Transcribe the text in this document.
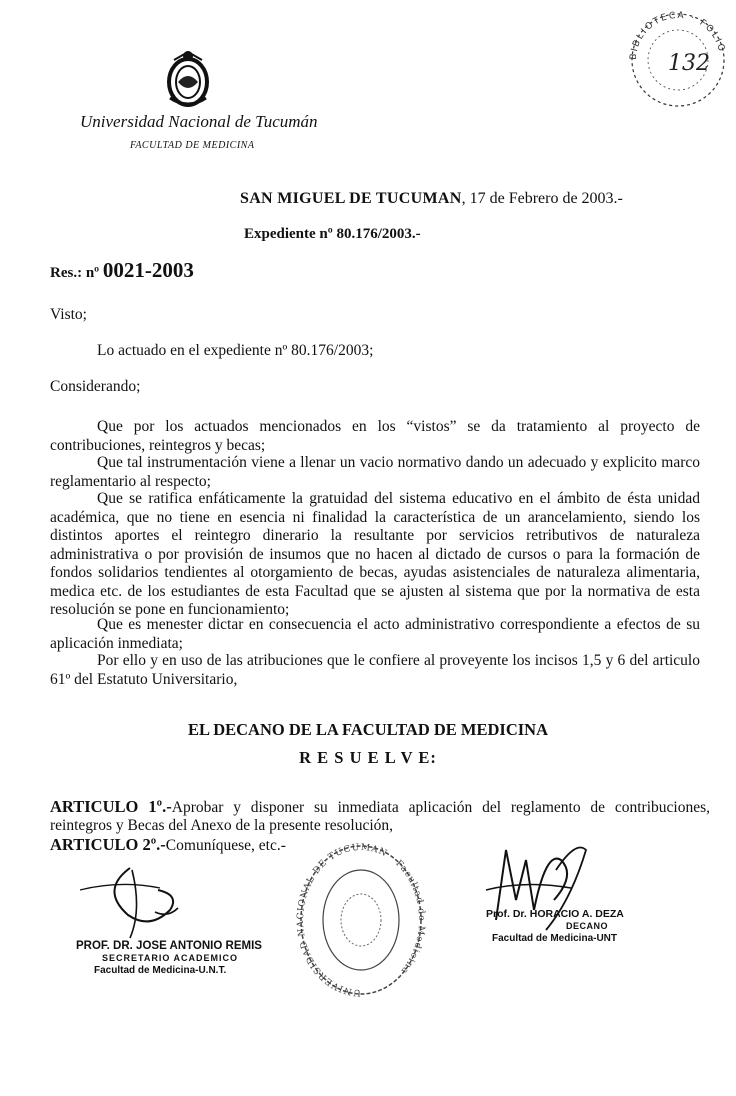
Universidad Nacional de Tucumán
FACULTAD DE MEDICINA
BIBLIOTECA · FOLIO
132
SAN MIGUEL DE TUCUMAN, 17 de Febrero de 2003.-
Expediente nº 80.176/2003.-
Res.: nº 0021-2003
Visto;
Lo actuado en el expediente nº 80.176/2003;
Considerando;
Que por los actuados mencionados en los “vistos” se da tratamiento al proyecto de contribuciones, reintegros y becas;
Que tal instrumentación viene a llenar un vacio normativo dando un adecuado y explicito marco reglamentario al respecto;
Que se ratifica enfáticamente la gratuidad del sistema educativo en el ámbito de ésta unidad académica, que no tiene en esencia ni finalidad la característica de un arancelamiento, siendo los distintos aportes el reintegro dinerario la resultante por servicios retributivos de naturaleza administrativa o por provisión de insumos que no hacen al dictado de cursos o para la formación de fondos solidarios tendientes al otorgamiento de becas, ayudas asistenciales de naturaleza alimentaria, medica etc. de los estudiantes de esta Facultad que se ajusten al sistema que por la normativa de esta resolución se pone en funcionamiento;
Que es menester dictar en consecuencia el acto administrativo correspondiente a efectos de su aplicación inmediata;
Por ello y en uso de las atribuciones que le confiere al proveyente los incisos 1,5 y 6 del articulo 61º del Estatuto Universitario,
EL DECANO DE LA FACULTAD DE MEDICINA
R E S U E L V E:
ARTICULO 1º.-Aprobar y disponer su inmediata aplicación del reglamento de contribuciones, reintegros y Becas del Anexo de la presente resolución,
ARTICULO 2º.-Comuníquese, etc.-
UNIVERSIDAD NACIONAL DE TUCUMAN · Facultad de Medicina
PROF. DR. JOSE ANTONIO REMIS
SECRETARIO ACADEMICO
Facultad de Medicina-U.N.T.
Prof. Dr. HORACIO A. DEZA
DECANO
Facultad de Medicina-UNT
